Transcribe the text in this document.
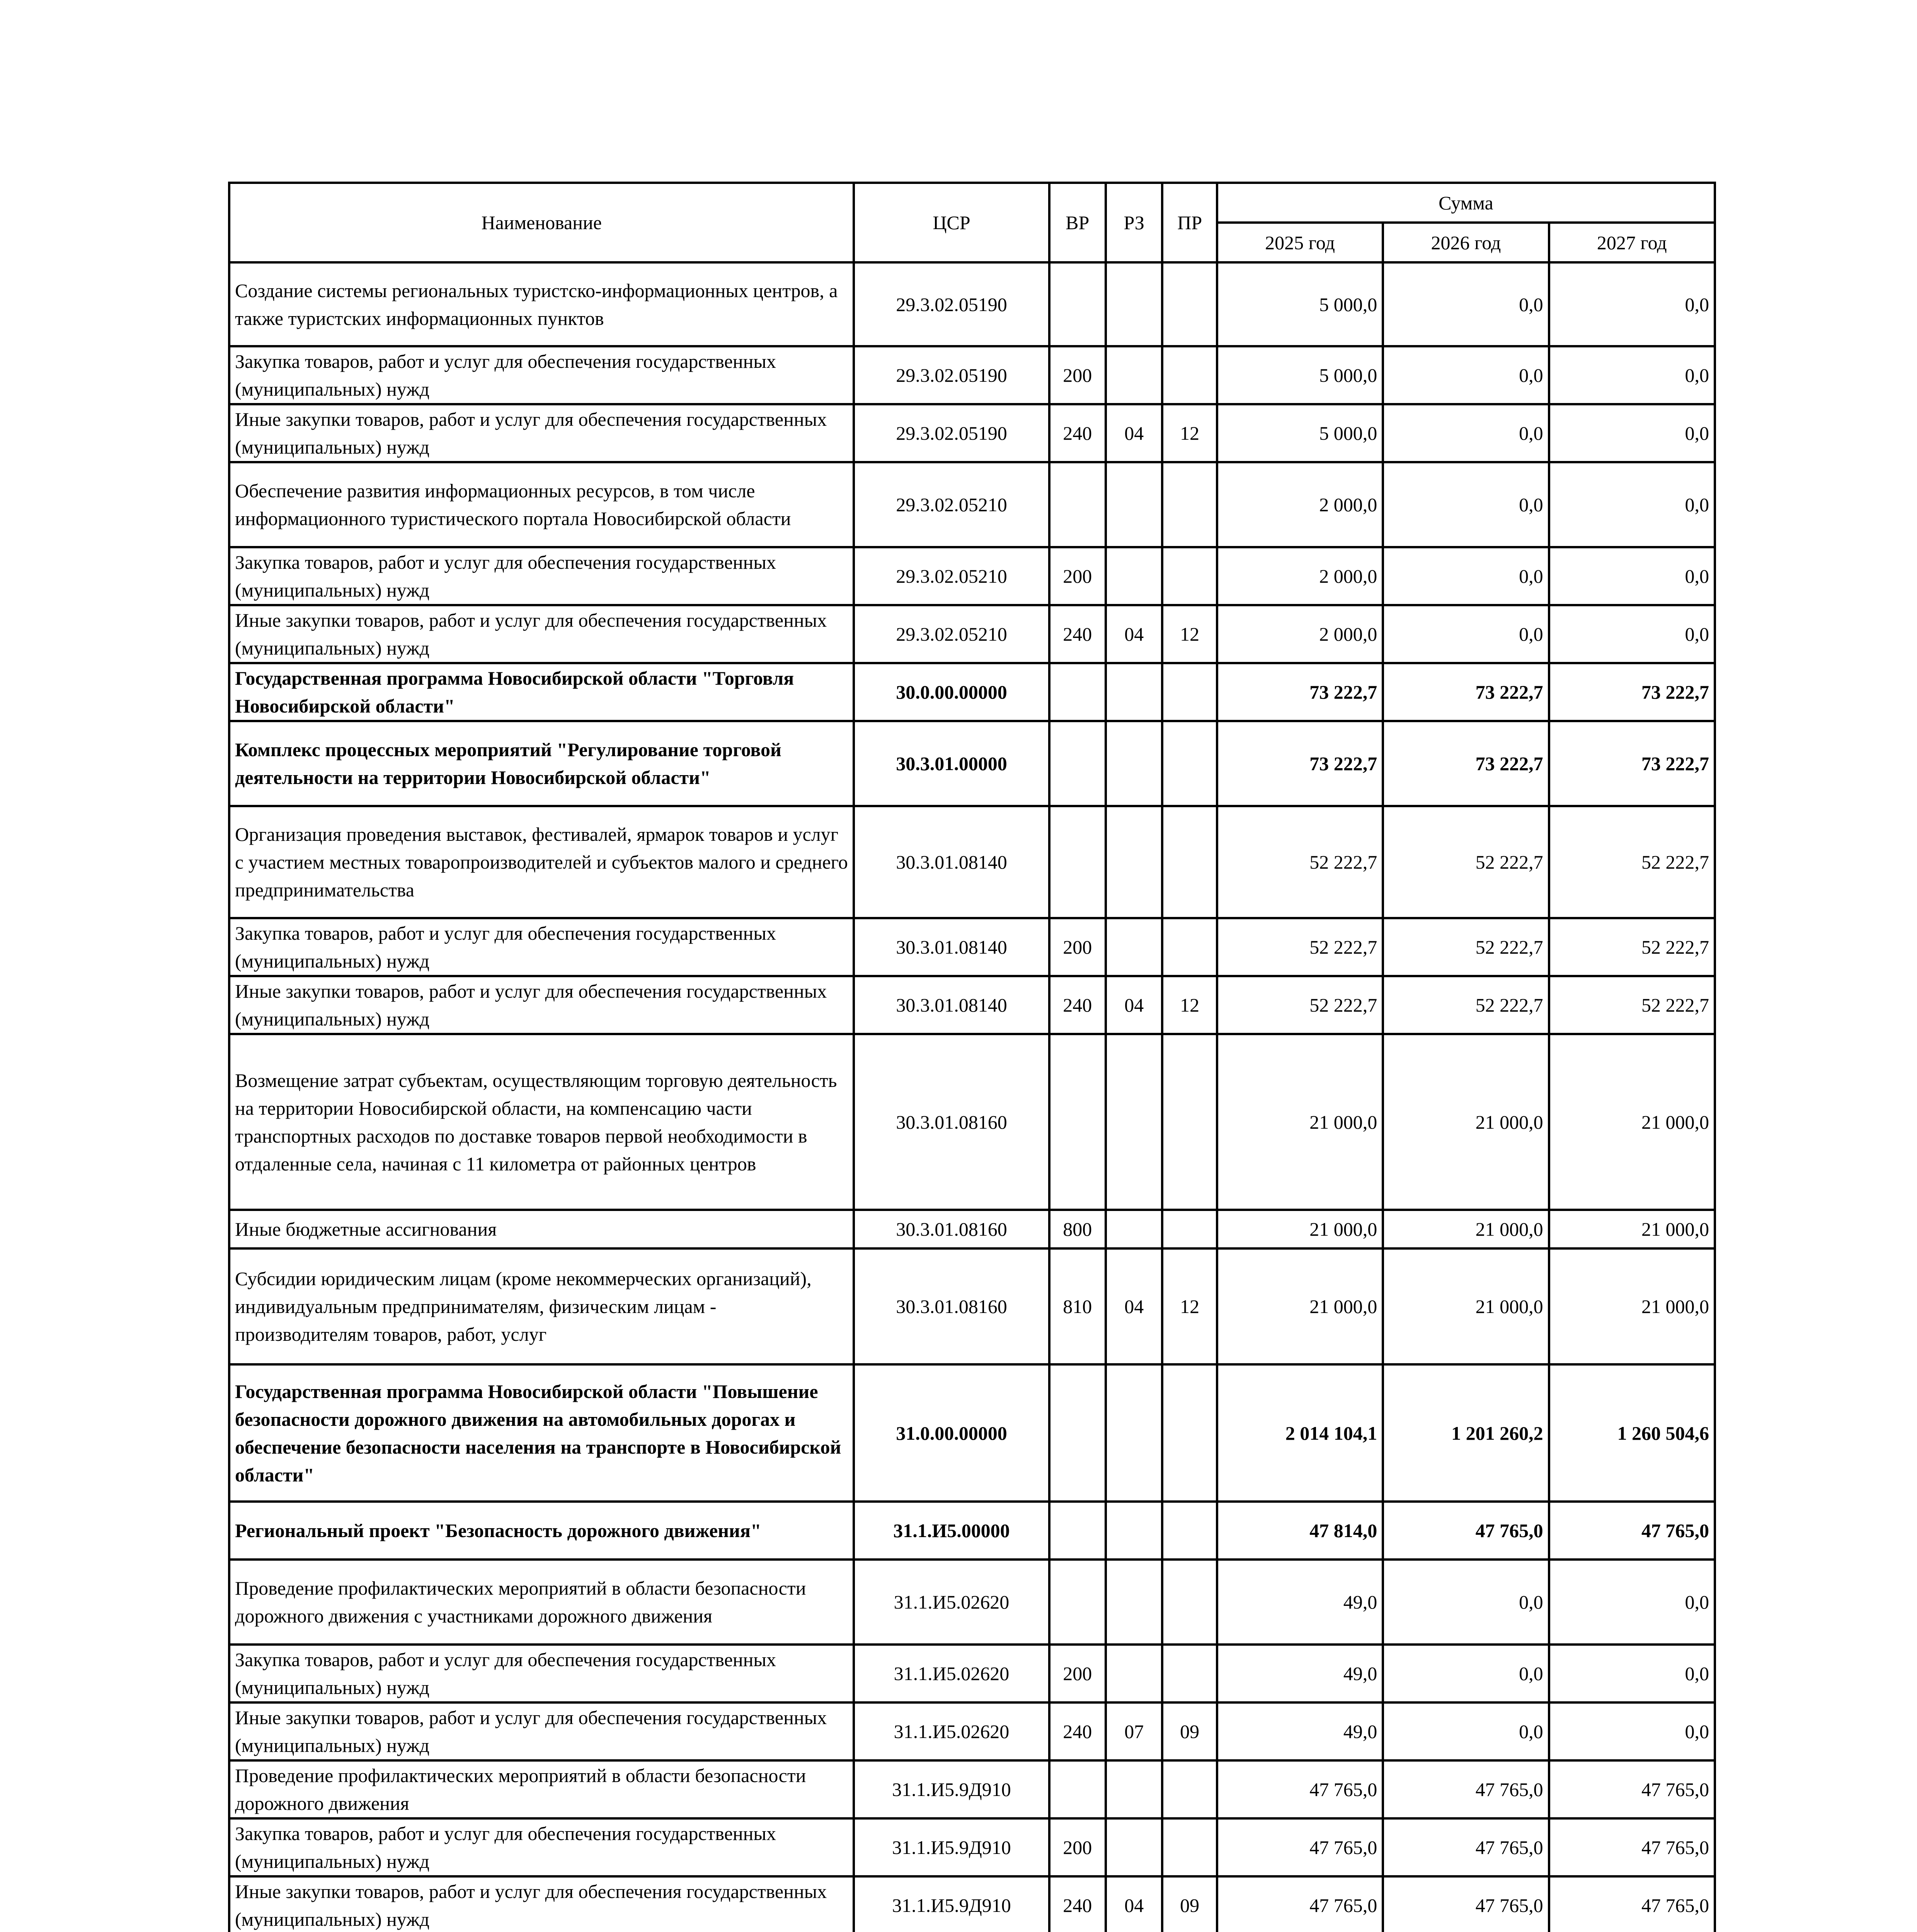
Наименование	ЦСР	ВР	РЗ	ПР	Сумма		
					2025 год	2026 год	2027 год
Создание системы региональных туристско-информационных центров, а также туристских информационных пунктов	29.3.02.05190				5 000,0	0,0	0,0
Закупка товаров, работ и услуг для обеспечения государственных (муниципальных) нужд	29.3.02.05190	200			5 000,0	0,0	0,0
Иные закупки товаров, работ и услуг для обеспечения государственных (муниципальных) нужд	29.3.02.05190	240	04	12	5 000,0	0,0	0,0
Обеспечение развития информационных ресурсов, в том числе информационного туристического портала Новосибирской области	29.3.02.05210				2 000,0	0,0	0,0
Закупка товаров, работ и услуг для обеспечения государственных (муниципальных) нужд	29.3.02.05210	200			2 000,0	0,0	0,0
Иные закупки товаров, работ и услуг для обеспечения государственных (муниципальных) нужд	29.3.02.05210	240	04	12	2 000,0	0,0	0,0
Государственная программа Новосибирской области "Торговля Новосибирской области"	30.0.00.00000				73 222,7	73 222,7	73 222,7
Комплекс процессных мероприятий "Регулирование торговой деятельности на территории Новосибирской области"	30.3.01.00000				73 222,7	73 222,7	73 222,7
Организация проведения выставок, фестивалей, ярмарок товаров и услуг с участием местных товаропроизводителей и субъектов малого и среднего предпринимательства	30.3.01.08140				52 222,7	52 222,7	52 222,7
Закупка товаров, работ и услуг для обеспечения государственных (муниципальных) нужд	30.3.01.08140	200			52 222,7	52 222,7	52 222,7
Иные закупки товаров, работ и услуг для обеспечения государственных (муниципальных) нужд	30.3.01.08140	240	04	12	52 222,7	52 222,7	52 222,7
Возмещение затрат субъектам, осуществляющим торговую деятельность на территории Новосибирской области, на компенсацию части транспортных расходов по доставке товаров первой необходимости в отдаленные села, начиная с 11 километра от районных центров	30.3.01.08160				21 000,0	21 000,0	21 000,0
Иные бюджетные ассигнования	30.3.01.08160	800			21 000,0	21 000,0	21 000,0
Субсидии юридическим лицам (кроме некоммерческих организаций), индивидуальным предпринимателям, физическим лицам - производителям товаров, работ, услуг	30.3.01.08160	810	04	12	21 000,0	21 000,0	21 000,0
Государственная программа Новосибирской области "Повышение безопасности дорожного движения на автомобильных дорогах и обеспечение безопасности населения на транспорте в Новосибирской области"	31.0.00.00000				2 014 104,1	1 201 260,2	1 260 504,6
Региональный проект "Безопасность дорожного движения"	31.1.И5.00000				47 814,0	47 765,0	47 765,0
Проведение профилактических мероприятий в области безопасности дорожного движения с участниками дорожного движения	31.1.И5.02620				49,0	0,0	0,0
Закупка товаров, работ и услуг для обеспечения государственных (муниципальных) нужд	31.1.И5.02620	200			49,0	0,0	0,0
Иные закупки товаров, работ и услуг для обеспечения государственных (муниципальных) нужд	31.1.И5.02620	240	07	09	49,0	0,0	0,0
Проведение профилактических мероприятий в области безопасности дорожного движения	31.1.И5.9Д910				47 765,0	47 765,0	47 765,0
Закупка товаров, работ и услуг для обеспечения государственных (муниципальных) нужд	31.1.И5.9Д910	200			47 765,0	47 765,0	47 765,0
Иные закупки товаров, работ и услуг для обеспечения государственных (муниципальных) нужд	31.1.И5.9Д910	240	04	09	47 765,0	47 765,0	47 765,0
